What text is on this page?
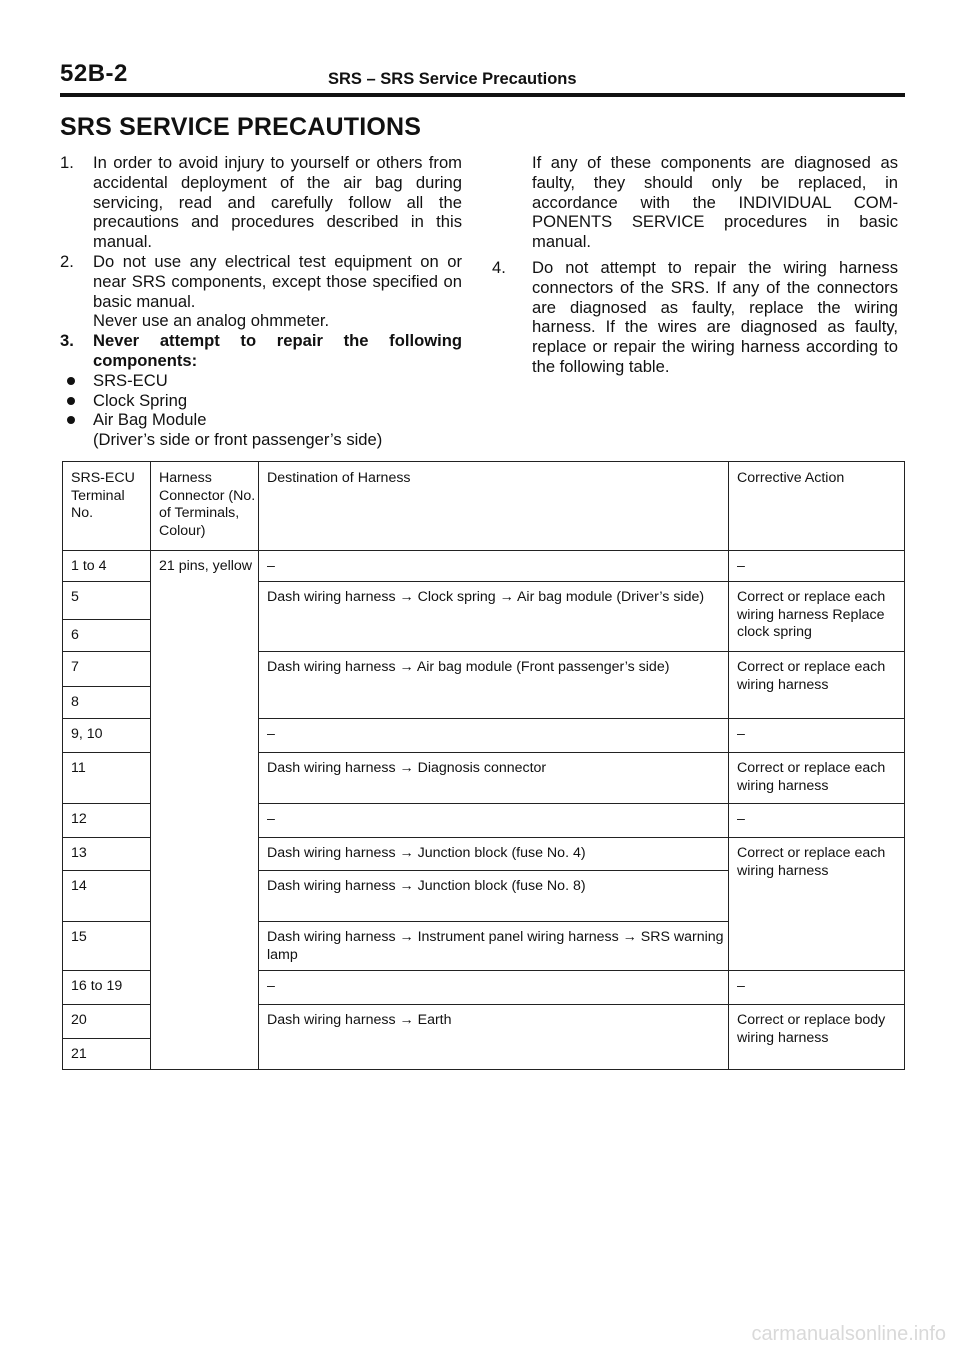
52B-2	SRS – SRS Service Precautions
SRS SERVICE PRECAUTIONS
1. In order to avoid injury to yourself or others from accidental deployment of the air bag during servicing, read and carefully follow all the precautions and procedures described in this manual.
2. Do not use any electrical test equipment on or near SRS components, except those specified on basic manual.
Never use an analog ohmmeter.
3. Never attempt to repair the following components:
SRS-ECU
Clock Spring
Air Bag Module
(Driver’s side or front passenger’s side)
If any of these components are diagnosed as faulty, they should only be replaced, in accordance with the INDIVIDUAL COM-PONENTS SERVICE procedures in basic manual.
4. Do not attempt to repair the wiring harness connectors of the SRS. If any of the connectors are diagnosed as faulty, replace the wiring harness. If the wires are diagnosed as faulty, replace or repair the wiring harness according to the following table.
SRS-ECU Terminal No.	Harness Connector (No. of Terminals, Colour)	Destination of Harness	Corrective Action
1 to 4	21 pins, yellow	–	–
5		Dash wiring harness → Clock spring → Air bag module (Driver’s side)	Correct or replace each wiring harness Replace clock spring
6			
7		Dash wiring harness → Air bag module (Front passenger’s side)	Correct or replace each wiring harness
8			
9, 10		–	–
11		Dash wiring harness → Diagnosis connector	Correct or replace each wiring harness
12		–	–
13		Dash wiring harness → Junction block (fuse No. 4)	Correct or replace each wiring harness
14		Dash wiring harness → Junction block (fuse No. 8)	
15		Dash wiring harness → Instrument panel wiring harness → SRS warning lamp	
16 to 19		–	–
20		Dash wiring harness → Earth	Correct or replace body wiring harness
21			
carmanualsonline.info
